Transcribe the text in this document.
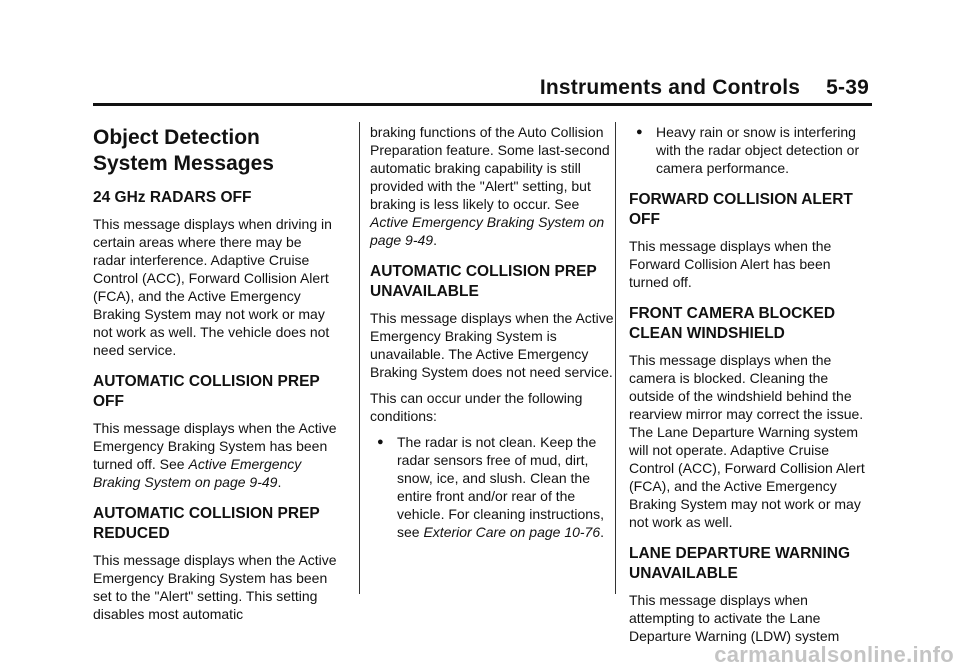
Instruments and Controls 5-39
Object Detection System Messages
24 GHz RADARS OFF

This message displays when driving in certain areas where there may be radar interference. Adaptive Cruise Control (ACC), Forward Collision Alert (FCA), and the Active Emergency Braking System may not work or may not work as well. The vehicle does not need service.

AUTOMATIC COLLISION PREP OFF

This message displays when the Active Emergency Braking System has been turned off. See Active Emergency Braking System on page 9-49.

AUTOMATIC COLLISION PREP REDUCED

This message displays when the Active Emergency Braking System has been set to the "Alert" setting. This setting disables most automatic

braking functions of the Auto Collision Preparation feature. Some last-second automatic braking capability is still provided with the "Alert" setting, but braking is less likely to occur. See Active Emergency Braking System on page 9-49.

AUTOMATIC COLLISION PREP UNAVAILABLE

This message displays when the Active Emergency Braking System is unavailable. The Active Emergency Braking System does not need service.

This can occur under the following conditions:

● The radar is not clean. Keep the radar sensors free of mud, dirt, snow, ice, and slush. Clean the entire front and/or rear of the vehicle. For cleaning instructions, see Exterior Care on page 10-76.
● Heavy rain or snow is interfering with the radar object detection or camera performance.
FORWARD COLLISION ALERT OFF

This message displays when the Forward Collision Alert has been turned off.

FRONT CAMERA BLOCKED CLEAN WINDSHIELD

This message displays when the camera is blocked. Cleaning the outside of the windshield behind the rearview mirror may correct the issue. The Lane Departure Warning system will not operate. Adaptive Cruise Control (ACC), Forward Collision Alert (FCA), and the Active Emergency Braking System may not work or may not work as well.

LANE DEPARTURE WARNING UNAVAILABLE

This message displays when attempting to activate the Lane Departure Warning (LDW) system

carmanualsonline.info
